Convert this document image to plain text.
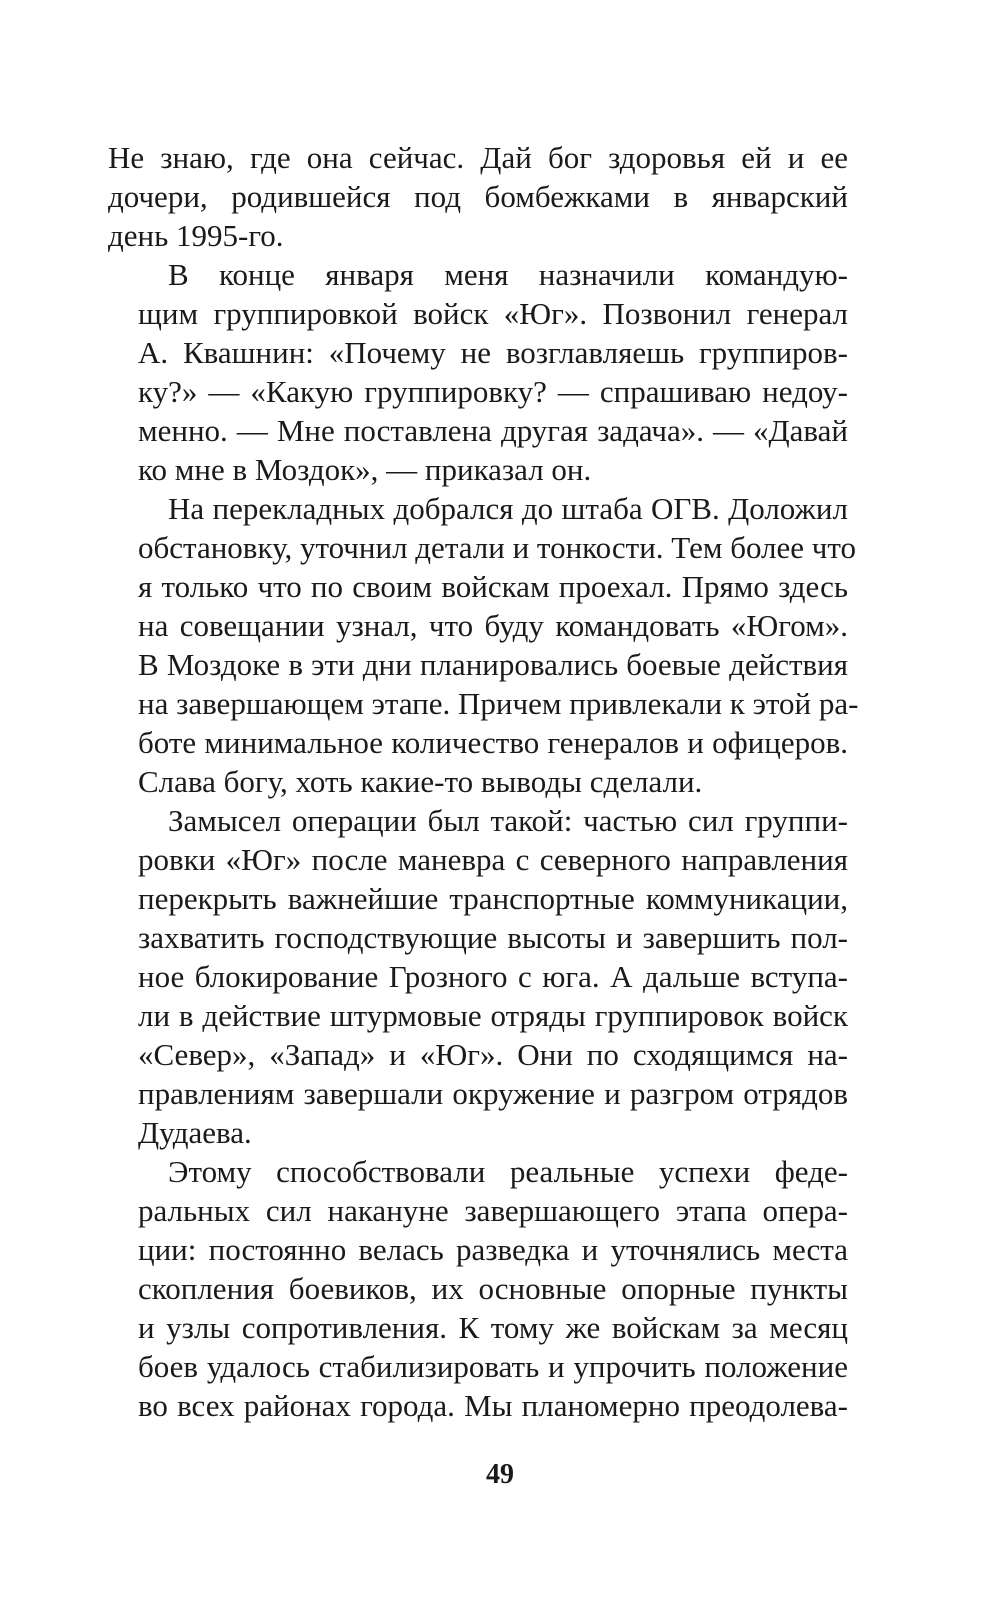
Не знаю, где она сейчас. Дай бог здоровья ей и ее
дочери, родившейся под бомбежками в январский
день 1995-го.
В конце января меня назначили командую-
щим группировкой войск «Юг». Позвонил генерал
А. Квашнин: «Почему не возглавляешь группиров-
ку?» — «Какую группировку? — спрашиваю недоу-
менно. — Мне поставлена другая задача». — «Давай
ко мне в Моздок», — приказал он.
На перекладных добрался до штаба ОГВ. Доложил
обстановку, уточнил детали и тонкости. Тем более что
я только что по своим войскам проехал. Прямо здесь
на совещании узнал, что буду командовать «Югом».
В Моздоке в эти дни планировались боевые действия
на завершающем этапе. Причем привлекали к этой ра-
боте минимальное количество генералов и офицеров.
Слава богу, хоть какие-то выводы сделали.
Замысел операции был такой: частью сил группи-
ровки «Юг» после маневра с северного направления
перекрыть важнейшие транспортные коммуникации,
захватить господствующие высоты и завершить пол-
ное блокирование Грозного с юга. А дальше вступа-
ли в действие штурмовые отряды группировок войск
«Север», «Запад» и «Юг». Они по сходящимся на-
правлениям завершали окружение и разгром отрядов
Дудаева.
Этому способствовали реальные успехи феде-
ральных сил накануне завершающего этапа опера-
ции: постоянно велась разведка и уточнялись места
скопления боевиков, их основные опорные пункты
и узлы сопротивления. К тому же войскам за месяц
боев удалось стабилизировать и упрочить положение
во всех районах города. Мы планомерно преодолева-
49
